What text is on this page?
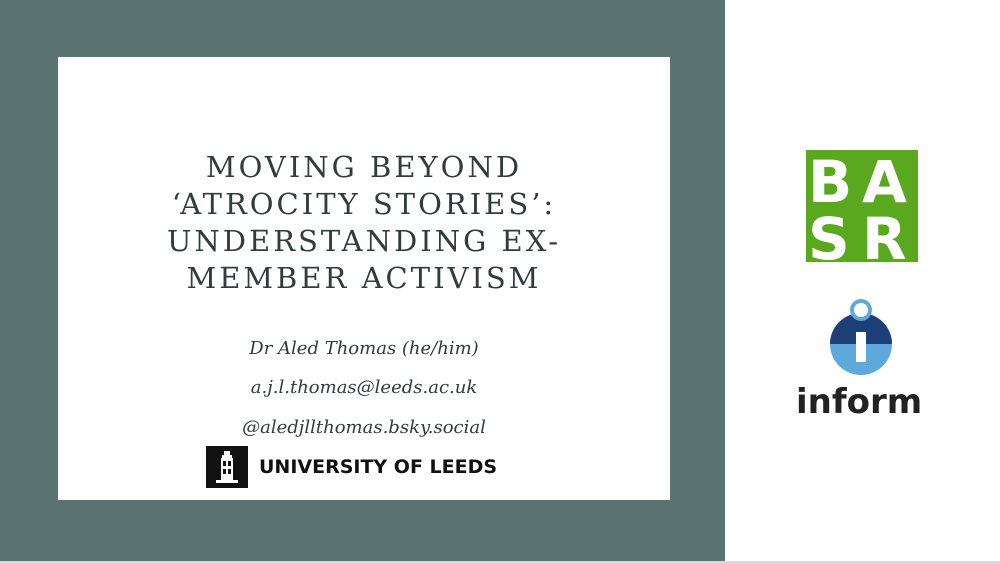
MOVING BEYOND
‘ATROCITY STORIES’:
UNDERSTANDING EX-
MEMBER ACTIVISM
Dr Aled Thomas (he/him)
a.j.l.thomas@leeds.ac.uk
@aledjllthomas.bsky.social
UNIVERSITY OF LEEDS
B A
S R
inform
